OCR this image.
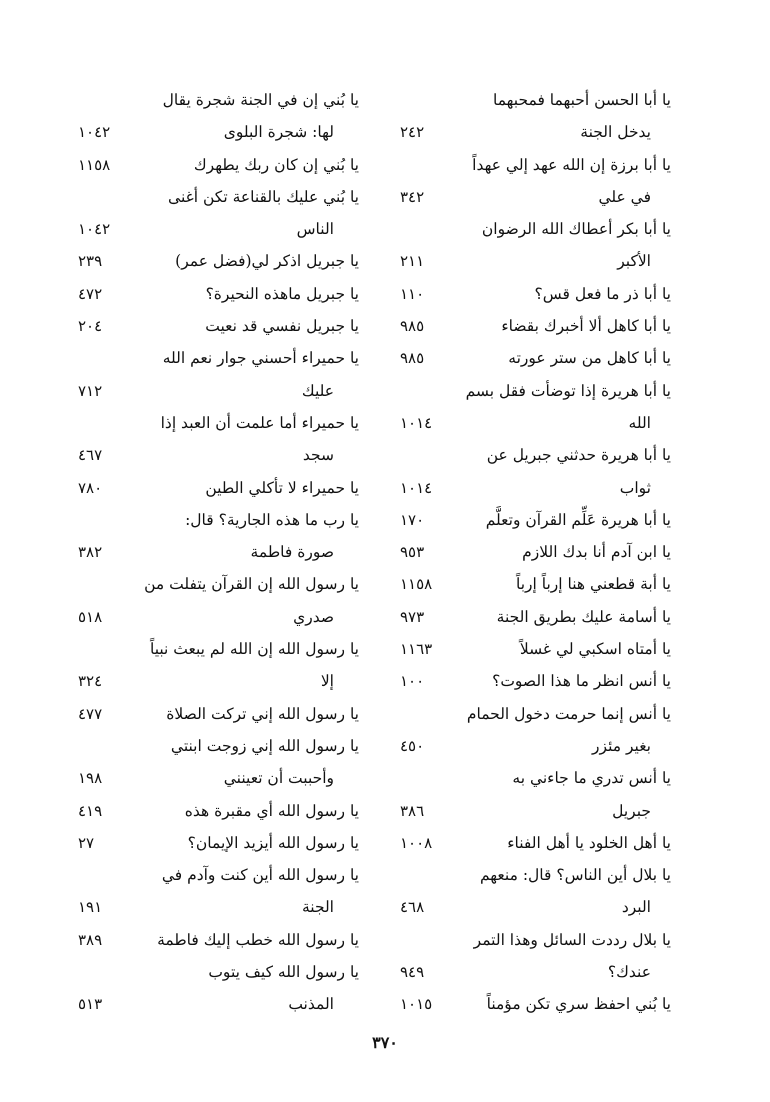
يا أبا الحسن أحبهما فمحبهما
يدخل الجنة
٢٤٢
يا أبا برزة إن الله عهد إلي عهداً
في علي
٣٤٢
يا أبا بكر أعطاك الله الرضوان
الأكبر
٢١١
يا أبا ذر ما فعل قس؟
١١٠
يا أبا كاهل ألا أخبرك بقضاء
٩٨٥
يا أبا كاهل من ستر عورته
٩٨٥
يا أبا هريرة إذا توضأت فقل بسم
الله
١٠١٤
يا أبا هريرة حدثني جبريل عن
ثواب
١٠١٤
يا أبا هريرة عَلِّم القرآن وتعلَّم
١٧٠
يا ابن آدم أنا بدك اللازم
٩٥٣
يا أبة قطعني هنا إرباً إرباً
١١٥٨
يا أسامة عليك بطريق الجنة
٩٧٣
يا أمتاه اسكبي لي غسلاً
١١٦٣
يا أنس انظر ما هذا الصوت؟
١٠٠
يا أنس إنما حرمت دخول الحمام
بغير مئزر
٤٥٠
يا أنس تدري ما جاءني به
جبريل
٣٨٦
يا أهل الخلود يا أهل الفناء
١٠٠٨
يا بلال أين الناس؟ قال: منعهم
البرد
٤٦٨
يا بلال رددت السائل وهذا التمر
عندك؟
٩٤٩
يا بُني احفظ سري تكن مؤمناً
١٠١٥
يا بُني إن في الجنة شجرة يقال
لها: شجرة البلوى
١٠٤٢
يا بُني إن كان ربك يطهرك
١١٥٨
يا بُني عليك بالقناعة تكن أغنى
الناس
١٠٤٢
يا جبريل اذكر لي(فضل عمر)
٢٣٩
يا جبريل ماهذه النحيرة؟
٤٧٢
يا جبريل نفسي قد نعيت
٢٠٤
يا حميراء أحسني جوار نعم الله
عليك
٧١٢
يا حميراء أما علمت أن العبد إذا
سجد
٤٦٧
يا حميراء لا تأكلي الطين
٧٨٠
يا رب ما هذه الجارية؟ قال:
صورة فاطمة
٣٨٢
يا رسول الله إن القرآن يتفلت من
صدري
٥١٨
يا رسول الله إن الله لم يبعث نبياً
إلا
٣٢٤
يا رسول الله إني تركت الصلاة
٤٧٧
يا رسول الله إني زوجت ابنتي
وأحببت أن تعينني
١٩٨
يا رسول الله أي مقبرة هذه
٤١٩
يا رسول الله أيزيد الإيمان؟
٢٧
يا رسول الله أين كنت وآدم في
الجنة
١٩١
يا رسول الله خطب إليك فاطمة
٣٨٩
يا رسول الله كيف يتوب
المذنب
٥١٣
٣٧٠
